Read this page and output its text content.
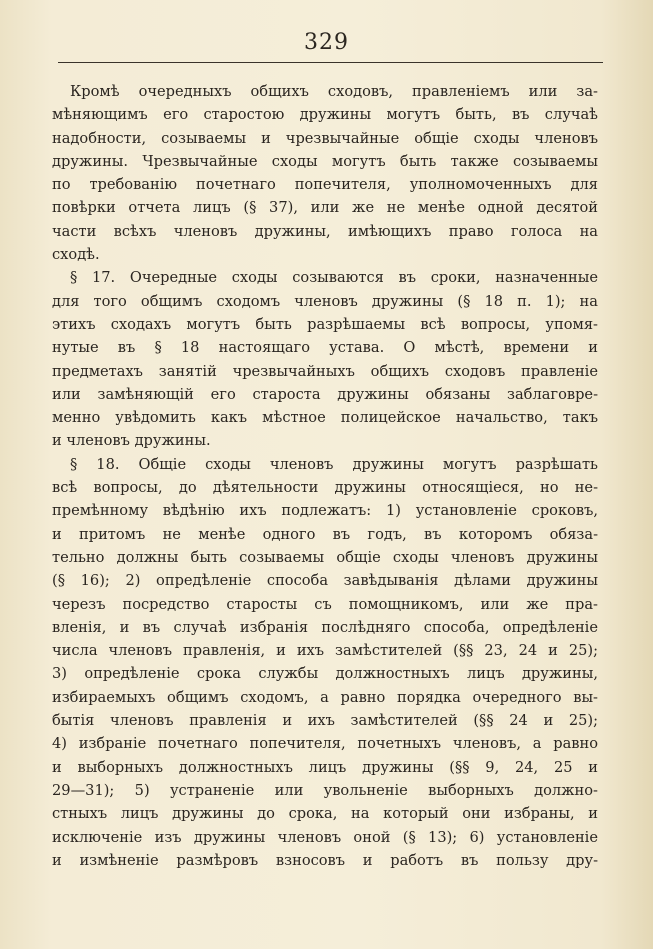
329
Кромѣ очередныхъ общихъ сходовъ, правленіемъ или за-
мѣняющимъ его старостою дружины могутъ быть, въ случаѣ
надобности, созываемы и чрезвычайные общіе сходы членовъ
дружины. Чрезвычайные сходы могутъ быть также созываемы
по требованію почетнаго попечителя, уполномоченныхъ для
повѣрки отчета лицъ (§ 37), или же не менѣе одной десятой
части всѣхъ членовъ дружины, имѣющихъ право голоса на
сходѣ.
§ 17. Очередные сходы созываются въ сроки, назначенные
для того общимъ сходомъ членовъ дружины (§ 18 п. 1); на
этихъ сходахъ могутъ быть разрѣшаемы всѣ вопросы, упомя-
нутые въ § 18 настоящаго устава. О мѣстѣ, времени и
предметахъ занятій чрезвычайныхъ общихъ сходовъ правленіе
или замѣняющій его староста дружины обязаны заблаговре-
менно увѣдомить какъ мѣстное полицейское начальство, такъ
и членовъ дружины.
§ 18. Общіе сходы членовъ дружины могутъ разрѣшать
всѣ вопросы, до дѣятельности дружины относящіеся, но не-
премѣнному вѣдѣнію ихъ подлежатъ: 1) установленіе сроковъ,
и притомъ не менѣе одного въ годъ, въ которомъ обяза-
тельно должны быть созываемы общіе сходы членовъ дружины
(§ 16); 2) опредѣленіе способа завѣдыванія дѣлами дружины
черезъ посредство старосты съ помощникомъ, или же пра-
вленія, и въ случаѣ избранія послѣдняго способа, опредѣленіе
числа членовъ правленія, и ихъ замѣстителей (§§ 23, 24 и 25);
3) опредѣленіе срока службы должностныхъ лицъ дружины,
избираемыхъ общимъ сходомъ, а равно порядка очередного вы-
бытія членовъ правленія и ихъ замѣстителей (§§ 24 и 25);
4) избраніе почетнаго попечителя, почетныхъ членовъ, а равно
и выборныхъ должностныхъ лицъ дружины (§§ 9, 24, 25 и
29—31); 5) устраненіе или увольненіе выборныхъ должно-
стныхъ лицъ дружины до срока, на который они избраны, и
исключеніе изъ дружины членовъ оной (§ 13); 6) установленіе
и измѣненіе размѣровъ взносовъ и работъ въ пользу дру-
